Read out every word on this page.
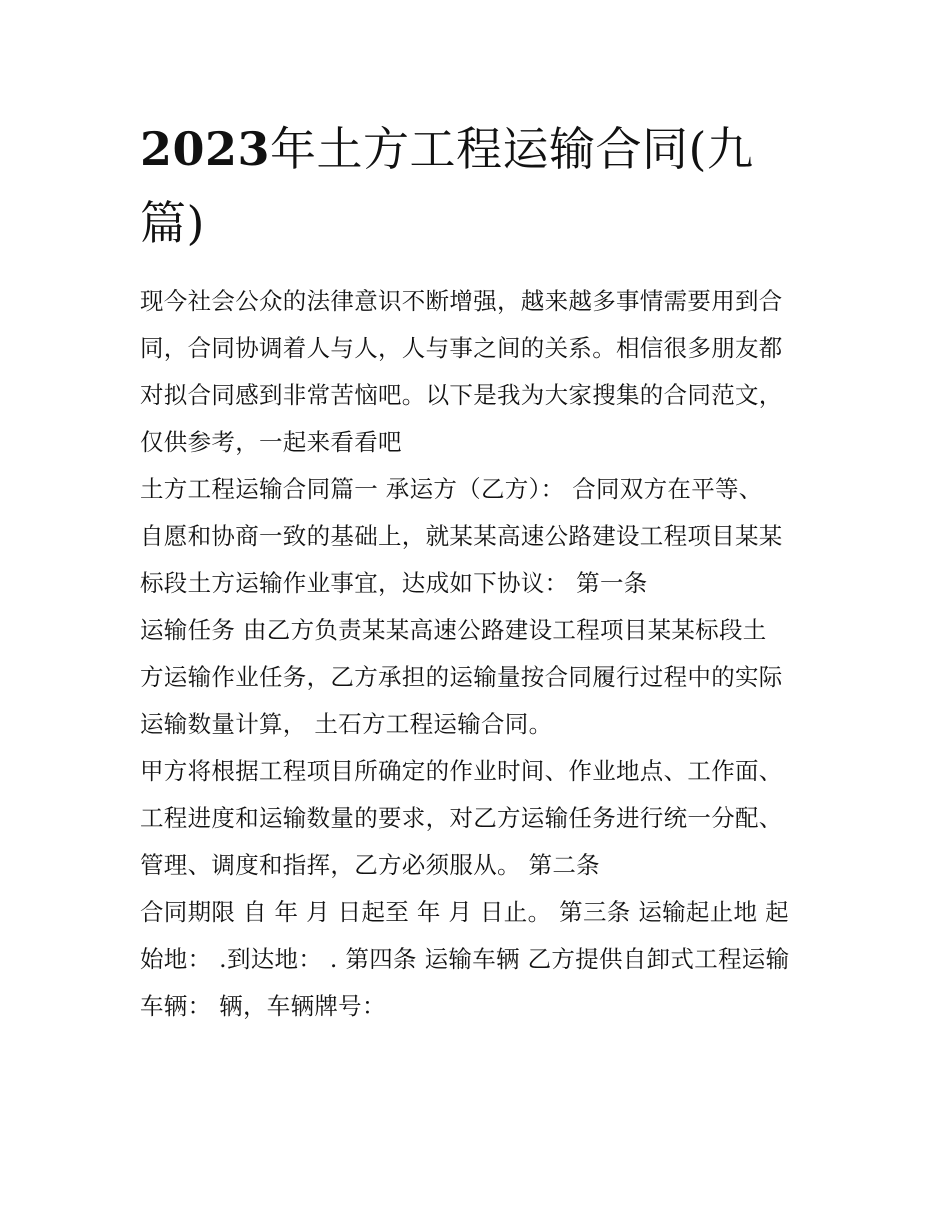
2023年土方工程运输合同(九篇)
现今社会公众的法律意识不断增强，越来越多事情需要用到合
同，合同协调着人与人，人与事之间的关系。相信很多朋友都
对拟合同感到非常苦恼吧。以下是我为大家搜集的合同范文，
仅供参考，一起来看看吧
土方工程运输合同篇一 承运方（乙方）： 合同双方在平等、
自愿和协商一致的基础上，就某某高速公路建设工程项目某某
标段土方运输作业事宜，达成如下协议： 第一条
运输任务 由乙方负责某某高速公路建设工程项目某某标段土
方运输作业任务，乙方承担的运输量按合同履行过程中的实际
运输数量计算， 土石方工程运输合同。
甲方将根据工程项目所确定的作业时间、作业地点、工作面、
工程进度和运输数量的要求，对乙方运输任务进行统一分配、
管理、调度和指挥，乙方必须服从。 第二条
合同期限 自 年 月 日起至 年 月 日止。 第三条 运输起止地 起
始地： .到达地： . 第四条 运输车辆 乙方提供自卸式工程运输
车辆： 辆，车辆牌号：
